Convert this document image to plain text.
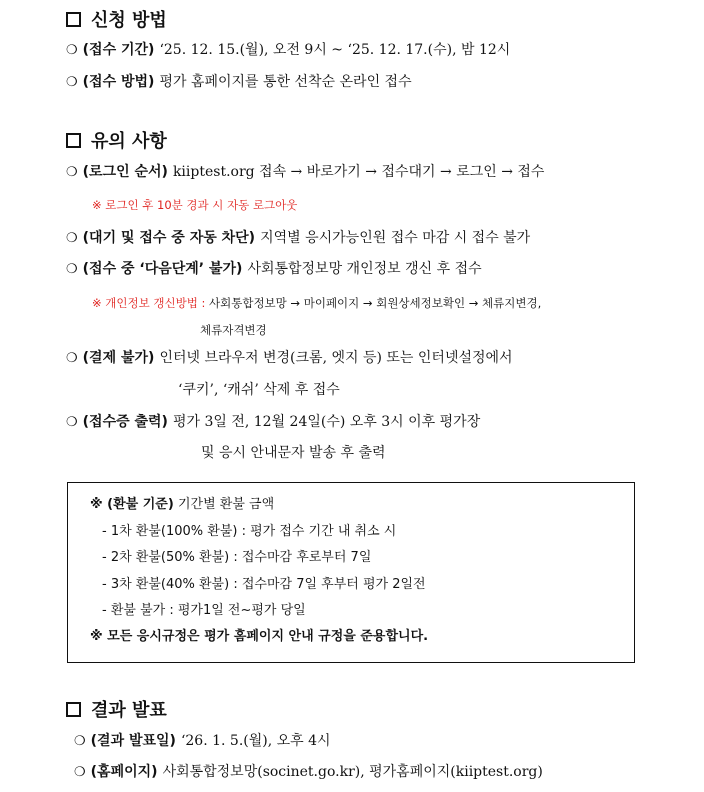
신청 방법
❍ (접수 기간) ‘25. 12. 15.(월), 오전 9시 ~ ‘25. 12. 17.(수), 밤 12시
❍ (접수 방법) 평가 홈페이지를 통한 선착순 온라인 접수
유의 사항
❍ (로그인 순서) kiiptest.org 접속 → 바로가기 → 접수대기 → 로그인 → 접수
※ 로그인 후 10분 경과 시 자동 로그아웃
❍ (대기 및 접수 중 자동 차단) 지역별 응시가능인원 접수 마감 시 접수 불가
❍ (접수 중 ‘다음단계’ 불가) 사회통합정보망 개인정보 갱신 후 접수
※ 개인정보 갱신방법 : 사회통합정보망 → 마이페이지 → 회원상세정보확인 → 체류지변경,
체류자격변경
❍ (결제 불가) 인터넷 브라우저 변경(크롬, 엣지 등) 또는 인터넷설정에서
‘쿠키’, ‘캐쉬’ 삭제 후 접수
❍ (접수증 출력) 평가 3일 전, 12월 24일(수) 오후 3시 이후 평가장
및 응시 안내문자 발송 후 출력
※ (환불 기준) 기간별 환불 금액
- 1차 환불(100% 환불) : 평가 접수 기간 내 취소 시
- 2차 환불(50% 환불) : 접수마감 후로부터 7일
- 3차 환불(40% 환불) : 접수마감 7일 후부터 평가 2일전
- 환불 불가 : 평가1일 전~평가 당일
※ 모든 응시규정은 평가 홈페이지 안내 규정을 준용합니다.
결과 발표
❍ (결과 발표일) ‘26. 1. 5.(월), 오후 4시
❍ (홈페이지) 사회통합정보망(socinet.go.kr), 평가홈페이지(kiiptest.org)
